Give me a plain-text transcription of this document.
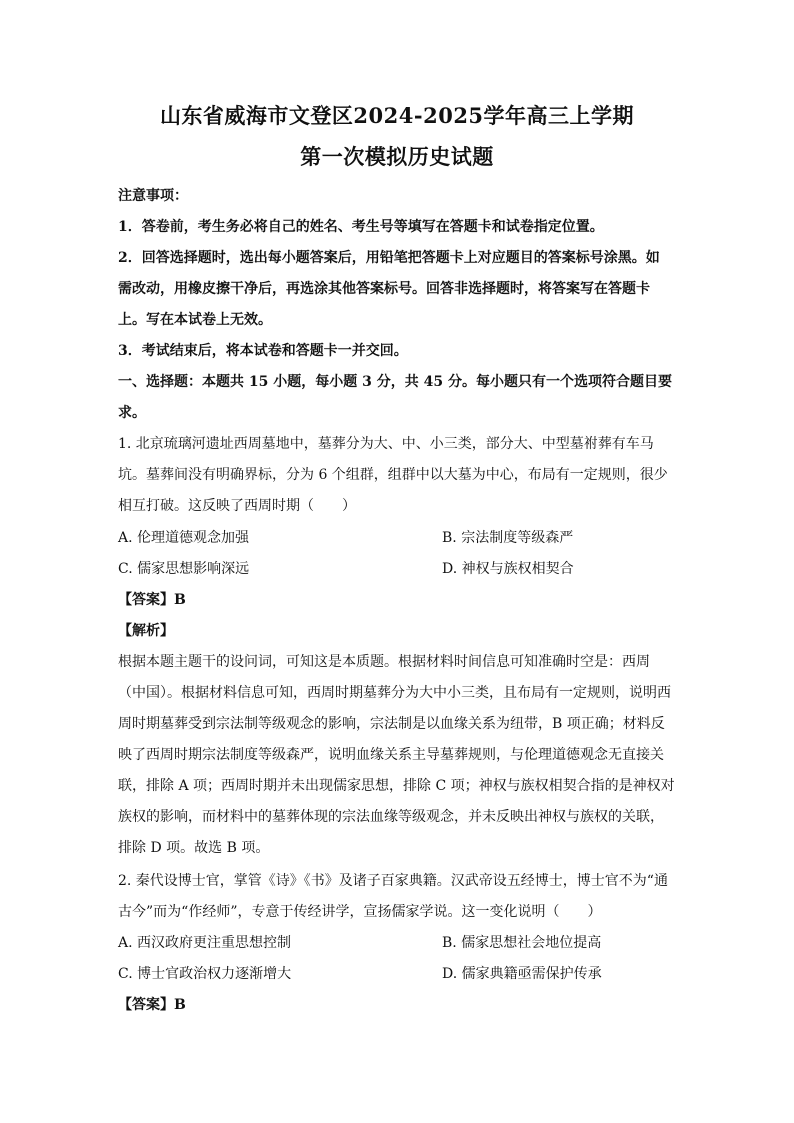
山东省威海市文登区2024-2025学年高三上学期
第一次模拟历史试题
注意事项：
1．答卷前，考生务必将自己的姓名、考生号等填写在答题卡和试卷指定位置。
2．回答选择题时，选出每小题答案后，用铅笔把答题卡上对应题目的答案标号涂黑。如
需改动，用橡皮擦干净后，再选涂其他答案标号。回答非选择题时，将答案写在答题卡
上。写在本试卷上无效。
3．考试结束后，将本试卷和答题卡一并交回。
一、选择题：本题共 15 小题，每小题 3 分，共 45 分。每小题只有一个选项符合题目要
求。
1. 北京琉璃河遗址西周墓地中，墓葬分为大、中、小三类，部分大、中型墓祔葬有车马
坑。墓葬间没有明确界标，分为 6 个组群，组群中以大墓为中心，布局有一定规则，很少
相互打破。这反映了西周时期（　　）
A. 伦理道德观念加强	B. 宗法制度等级森严
C. 儒家思想影响深远	D. 神权与族权相契合
【答案】B
【解析】
根据本题主题干的设问词，可知这是本质题。根据材料时间信息可知准确时空是：西周
（中国）。根据材料信息可知，西周时期墓葬分为大中小三类，且布局有一定规则，说明西
周时期墓葬受到宗法制等级观念的影响，宗法制是以血缘关系为纽带，B 项正确；材料反
映了西周时期宗法制度等级森严，说明血缘关系主导墓葬规则，与伦理道德观念无直接关
联，排除 A 项；西周时期并未出现儒家思想，排除 C 项；神权与族权相契合指的是神权对
族权的影响，而材料中的墓葬体现的宗法血缘等级观念，并未反映出神权与族权的关联，
排除 D 项。故选 B 项。
2. 秦代设博士官，掌管《诗》《书》及诸子百家典籍。汉武帝设五经博士，博士官不为“通
古今”而为“作经师”，专意于传经讲学，宣扬儒家学说。这一变化说明（　　）
A. 西汉政府更注重思想控制	B. 儒家思想社会地位提高
C. 博士官政治权力逐渐增大	D. 儒家典籍亟需保护传承
【答案】B
